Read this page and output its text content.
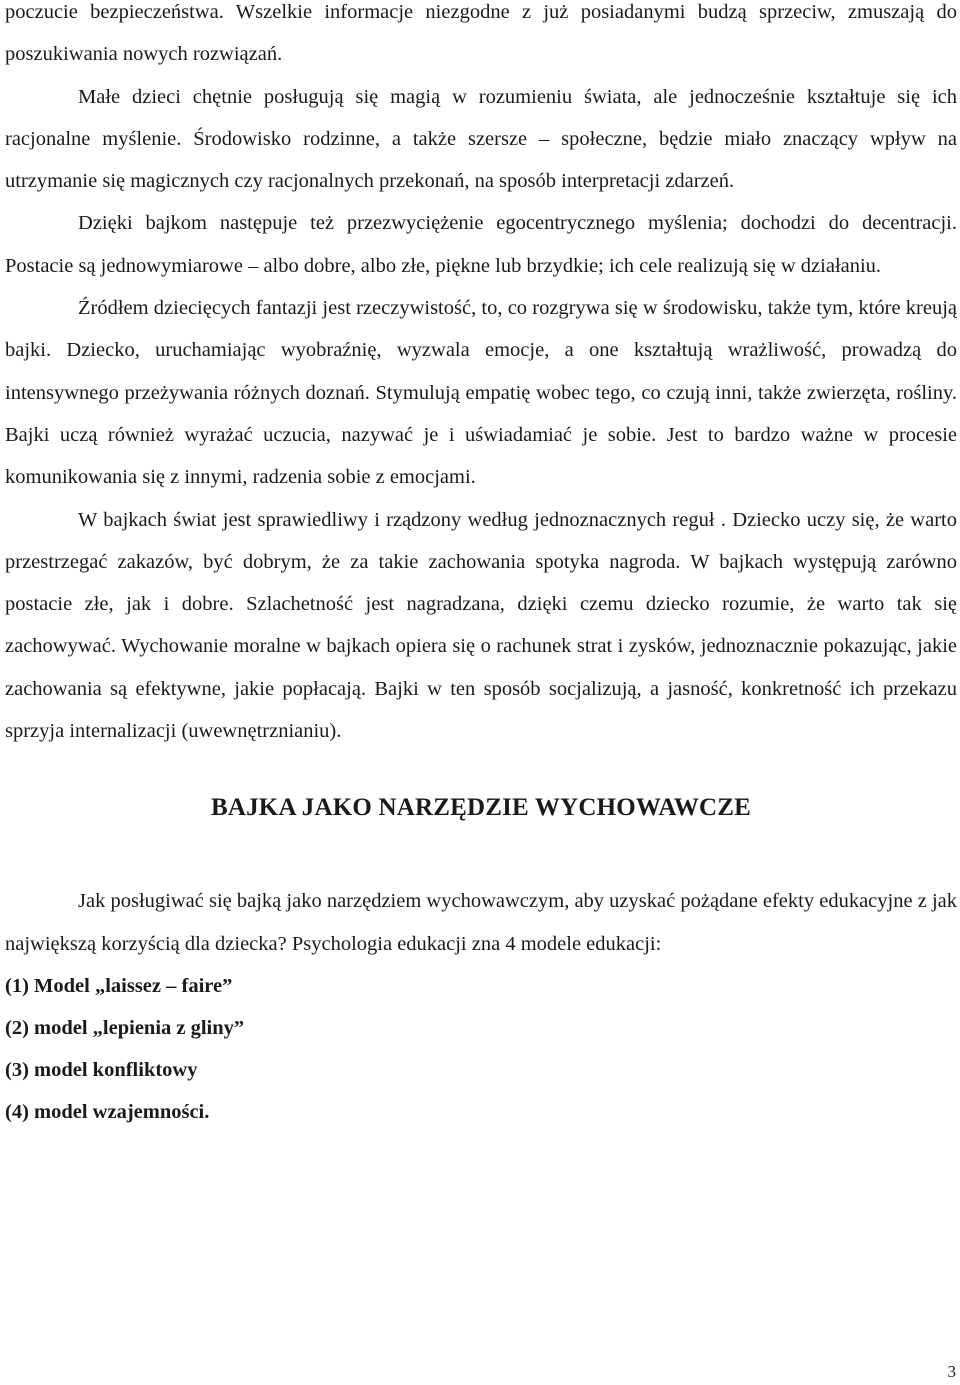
poczucie bezpieczeństwa. Wszelkie informacje niezgodne z już posiadanymi budzą sprzeciw, zmuszają do poszukiwania nowych rozwiązań.

Małe dzieci chętnie posługują się magią w rozumieniu świata, ale jednocześnie kształtuje się ich racjonalne myślenie. Środowisko rodzinne, a także szersze – społeczne, będzie miało znaczący wpływ na utrzymanie się magicznych czy racjonalnych przekonań, na sposób interpretacji zdarzeń.

Dzięki bajkom następuje też przezwyciężenie egocentrycznego myślenia; dochodzi do decentracji. Postacie są jednowymiarowe – albo dobre, albo złe, piękne lub brzydkie; ich cele realizują się w działaniu.

Źródłem dziecięcych fantazji jest rzeczywistość, to, co rozgrywa się w środowisku, także tym, które kreują bajki. Dziecko, uruchamiając wyobraźnię, wyzwala emocje, a one kształtują wrażliwość, prowadzą do intensywnego przeżywania różnych doznań. Stymulują empatię wobec tego, co czują inni, także zwierzęta, rośliny. Bajki uczą również wyrażać uczucia, nazywać je i uświadamiać je sobie. Jest to bardzo ważne w procesie komunikowania się z innymi, radzenia sobie z emocjami.

W bajkach świat jest sprawiedliwy i rządzony według jednoznacznych reguł . Dziecko uczy się, że warto przestrzegać zakazów, być dobrym, że za takie zachowania spotyka nagroda. W bajkach występują zarówno postacie złe, jak i dobre. Szlachetność jest nagradzana, dzięki czemu dziecko rozumie, że warto tak się zachowywać. Wychowanie moralne w bajkach opiera się o rachunek strat i zysków, jednoznacznie pokazując, jakie zachowania są efektywne, jakie popłacają. Bajki w ten sposób socjalizują, a jasność, konkretność ich przekazu sprzyja internalizacji (uwewnętrznianiu).

BAJKA JAKO NARZĘDZIE WYCHOWAWCZE

Jak posługiwać się bajką jako narzędziem wychowawczym, aby uzyskać pożądane efekty edukacyjne z jak największą korzyścią dla dziecka? Psychologia edukacji zna 4 modele edukacji:

(1) Model „laissez – faire”
(2) model „lepienia z gliny”
(3) model konfliktowy
(4) model wzajemności.
3
